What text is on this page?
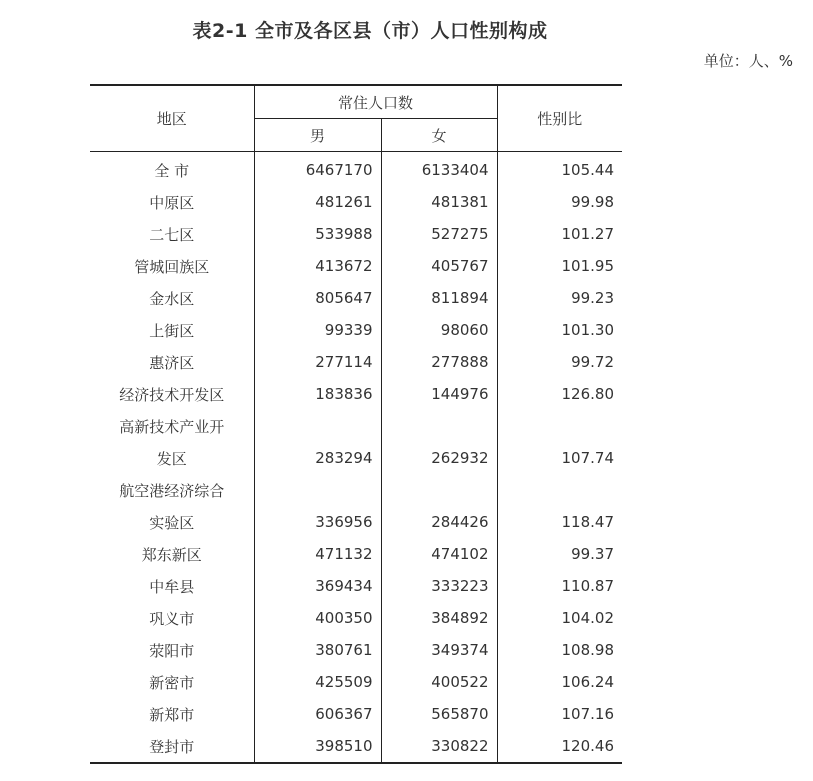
表2-1 全市及各区县（市）人口性别构成
单位：人、%
地区	常住人口数		性别比
	男	女	
全 市	6467170	6133404	105.44
中原区	481261	481381	99.98
二七区	533988	527275	101.27
管城回族区	413672	405767	101.95
金水区	805647	811894	99.23
上街区	99339	98060	101.30
惠济区	277114	277888	99.72
经济技术开发区	183836	144976	126.80
高新技术产业开			
发区	283294	262932	107.74
航空港经济综合			
实验区	336956	284426	118.47
郑东新区	471132	474102	99.37
中牟县	369434	333223	110.87
巩义市	400350	384892	104.02
荥阳市	380761	349374	108.98
新密市	425509	400522	106.24
新郑市	606367	565870	107.16
登封市	398510	330822	120.46
